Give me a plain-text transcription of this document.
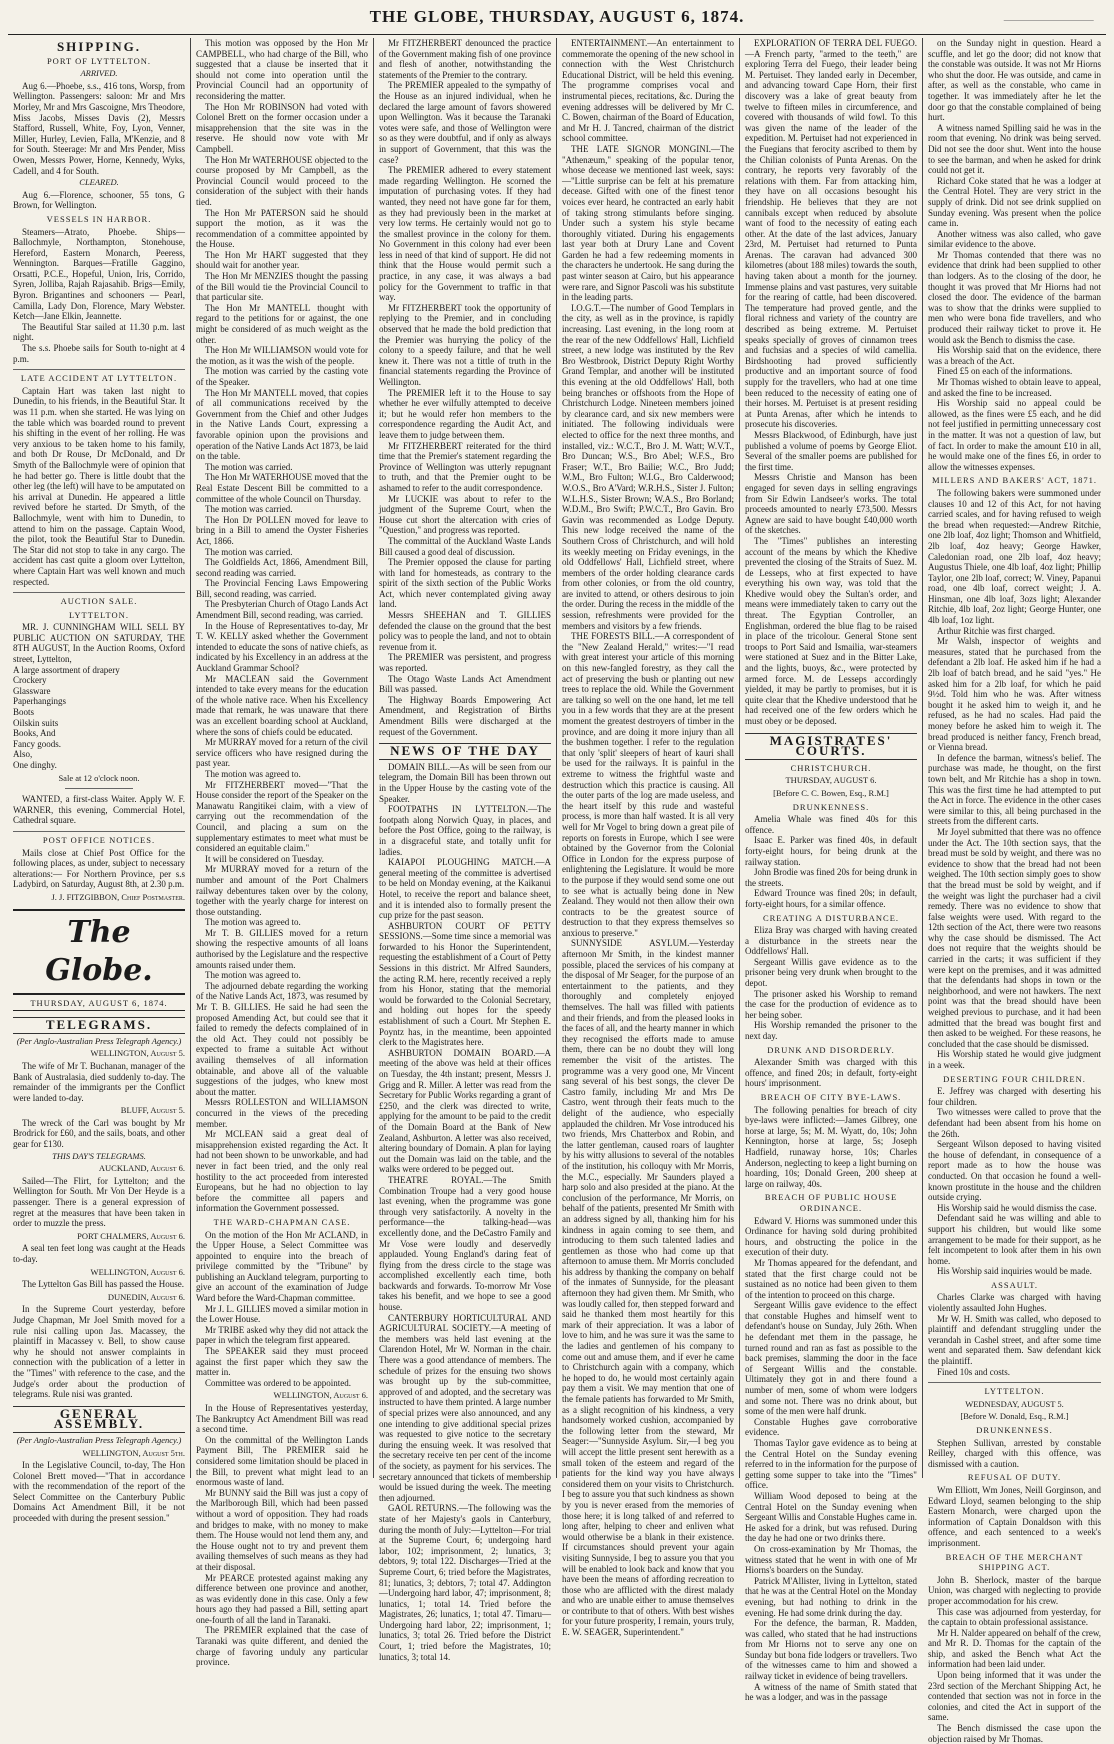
THE GLOBE, THURSDAY, AUGUST 6, 1874.
SHIPPING.
PORT OF LYTTELTON.
ARRIVED.

Aug 6.—Phoebe, s.s., 416 tons, Worsp, from Wellington. Passengers: saloon: Mr and Mrs Morley, Mr and Mrs Gascoigne, Mrs Theodore, Miss Jacobs, Misses Davis (2), Messrs Stafford, Russell, White, Foy, Lyon, Venner, Miller, Hurley, Levien, Falla, M'Kenzie, and 8 for South. Steerage: Mr and Mrs Pender, Miss Owen, Messrs Power, Horne, Kennedy, Wyks, Cadell, and 4 for South.

CLEARED.

Aug 6.—Florence, schooner, 55 tons, G Brown, for Wellington.

VESSELS IN HARBOR.

Steamers—Atrato, Phoebe. Ships—Ballochmyle, Northampton, Stonehouse, Hereford, Eastern Monarch, Peeress, Wennington. Barques—Fratille Gaggino, Orsatti, P.C.E., Hopeful, Union, Iris, Corrido, Syren, Jolliba, Rajah Rajasahib. Brigs—Emily, Byron. Brigantines and schooners — Pearl, Camilla, Lady Don, Florence, Mary Webster. Ketch—Jane Elkin, Jeannette.

The Beautiful Star sailed at 11.30 p.m. last night.

The s.s. Phoebe sails for South to-night at 4 p.m.

LATE ACCIDENT AT LYTTELTON.

Captain Hart was taken last night to Dunedin, to his friends, in the Beautiful Star. It was 11 p.m. when she started. He was lying on the table which was boarded round to prevent his shifting in the event of her rolling. He was very anxious to be taken home to his family, and both Dr Rouse, Dr McDonald, and Dr Smyth of the Ballochmyle were of opinion that he had better go. There is little doubt that the other leg (the left) will have to be amputated on his arrival at Dunedin. He appeared a little revived before he started. Dr Smyth, of the Ballochmyle, went with him to Dunedin, to attend to him on the passage. Captain Wood, the pilot, took the Beautiful Star to Dunedin. The Star did not stop to take in any cargo. The accident has cast quite a gloom over Lyttelton, where Captain Hart was well known and much respected.

AUCTION SALE.
LYTTELTON.

MR. J. CUNNINGHAM WILL SELL BY PUBLIC AUCTION ON SATURDAY, THE 8TH AUGUST, In the Auction Rooms, Oxford street, Lyttelton,

A large assortment of drapery
Crockery
Glassware
Paperhangings
Boots
Oilskin suits
Books, And
Fancy goods.
Also,
One dinghy.
Sale at 12 o'clock noon.

WANTED, a first-class Waiter. Apply W. F. WARNER, this evening, Commercial Hotel, Cathedral square.

POST OFFICE NOTICES.

Mails close at Chief Post Office for the following places, as under, subject to necessary alterations:— For Northern Province, per s.s Ladybird, on Saturday, August 8th, at 2.30 p.m.

J. J. FITZGIBBON, Chief Postmaster.
The Globe.
THURSDAY, AUGUST 6, 1874.
TELEGRAMS.
(Per Anglo-Australian Press Telegraph Agency.)
WELLINGTON, August 5.

The wife of Mr T. Buchanan, manager of the Bank of Australasia, died suddenly to-day. The remainder of the immigrants per the Conflict were landed to-day.

BLUFF, August 5.

The wreck of the Carl was bought by Mr Brodrick for £60, and the sails, boats, and other gear for £130.

THIS DAY'S TELEGRAMS.
AUCKLAND, August 6.

Sailed—The Flirt, for Lyttelton; and the Wellington for South. Mr Von Der Heyde is a passenger. There is a general expression of regret at the measures that have been taken in order to muzzle the press.

PORT CHALMERS, August 6.

A seal ten feet long was caught at the Heads to-day.

WELLINGTON, August 6.

The Lyttelton Gas Bill has passed the House.

DUNEDIN, August 6.

In the Supreme Court yesterday, before Judge Chapman, Mr Joel Smith moved for a rule nisi calling upon Jas. Macassey, the plaintiff in Macassey v. Bell, to show cause why he should not answer complaints in connection with the publication of a letter in the "Times" with reference to the case, and the Judge's order about the production of telegrams. Rule nisi was granted.

GENERAL ASSEMBLY.
(Per Anglo-Australian Press Telegraph Agency.)
WELLINGTON, August 5th.

In the Legislative Council, to-day, The Hon Colonel Brett moved—"That in accordance with the recommendation of the report of the Select Committee on the Canterbury Public Domains Act Amendment Bill, it be not proceeded with during the present session."

This motion was opposed by the Hon Mr CAMPBELL, who had charge of the Bill, who suggested that a clause be inserted that it should not come into operation until the Provincial Council had an opportunity of reconsidering the matter.

The Hon Mr ROBINSON had voted with Colonel Brett on the former occasion under a misapprehension that the site was in the reserve. He should now vote with Mr Campbell.

The Hon Mr WATERHOUSE objected to the course proposed by Mr Campbell, as the Provincial Council would proceed to the consideration of the subject with their hands tied.

The Hon Mr PATERSON said he should support the motion, as it was the recommendation of a committee appointed by the House.

The Hon Mr HART suggested that they should wait for another year.

The Hon Mr MENZIES thought the passing of the Bill would tie the Provincial Council to that particular site.

The Hon Mr MANTELL thought with regard to the petitions for or against, the one might be considered of as much weight as the other.

The Hon Mr WILLIAMSON would vote for the motion, as it was the wish of the people.

The motion was carried by the casting vote of the Speaker.

The Hon Mr MANTELL moved, that copies of all communications received by the Government from the Chief and other Judges in the Native Lands Court, expressing a favorable opinion upon the provisions and operation of the Native Lands Act 1873, be laid on the table.

The motion was carried.

The Hon Mr WATERHOUSE moved that the Real Estate Descent Bill be committed to a committee of the whole Council on Thursday.

The motion was carried.

The Hon Dr POLLEN moved for leave to bring in a Bill to amend the Oyster Fisheries Act, 1866.

The motion was carried.

The Goldfields Act, 1866, Amendment Bill, second reading was carried.

The Provincial Fencing Laws Empowering Bill, second reading, was carried.

The Presbyterian Church of Otago Lands Act Amendment Bill, second reading, was carried.

In the House of Representatives to-day, Mr T. W. KELLY asked whether the Government intended to educate the sons of native chiefs, as indicated by his Excellency in an address at the Auckland Grammar School?

Mr MACLEAN said the Government intended to take every means for the education of the whole native race. When his Excellency made that remark, he was unaware that there was an excellent boarding school at Auckland, where the sons of chiefs could be educated.

Mr MURRAY moved for a return of the civil service officers who have resigned during the past year.

The motion was agreed to.

Mr FITZHERBERT moved—"That the House consider the report of the Speaker on the Manawatu Rangitikei claim, with a view of carrying out the recommendation of the Council, and placing a sum on the supplementary estimates to meet what must be considered an equitable claim."

It will be considered on Tuesday.

Mr MURRAY moved for a return of the number and amount of the Port Chalmers railway debentures taken over by the colony, together with the yearly charge for interest on those outstanding.

The motion was agreed to.

Mr T. B. GILLIES moved for a return showing the respective amounts of all loans authorised by the Legislature and the respective amounts raised under them.

The motion was agreed to.

The adjourned debate regarding the working of the Native Lands Act, 1873, was resumed by Mr T. B. GILLIES. He said he had seen the proposed Amending Act, but could see that it failed to remedy the defects complained of in the old Act. They could not possibly be expected to frame a suitable Act without availing themselves of all information obtainable, and above all of the valuable suggestions of the judges, who knew most about the matter.

Messrs ROLLESTON and WILLIAMSON concurred in the views of the preceding member.

Mr MCLEAN said a great deal of misapprehension existed regarding the Act. It had not been shown to be unworkable, and had never in fact been tried, and the only real hostility to the act proceeded from interested Europeans, but he had no objection to lay before the committee all papers and information the Government possessed.

THE WARD-CHAPMAN CASE.

On the motion of the Hon Mr ACLAND, in the Upper House, a Select Committee was appointed to enquire into the breach of privilege committed by the "Tribune" by publishing an Auckland telegram, purporting to give an account of the examination of Judge Ward before the Ward-Chapman committee.

Mr J. L. GILLIES moved a similar motion in the Lower House.

Mr TRIBE asked why they did not attack the paper in which the telegram first appeared.

The SPEAKER said they must proceed against the first paper which they saw the matter in.

Committee was ordered to be appointed.

WELLINGTON, August 6.

In the House of Representatives yesterday, The Bankruptcy Act Amendment Bill was read a second time.

On the committal of the Wellington Lands Payment Bill, The PREMIER said he considered some limitation should be placed in the Bill, to prevent what might lead to an enormous waste of land.

Mr BUNNY said the Bill was just a copy of the Marlborough Bill, which had been passed without a word of opposition. They had roads and bridges to make, with no money to make them. The House would not lend them any, and the House ought not to try and prevent them availing themselves of such means as they had at their disposal.

Mr PEARCE protested against making any difference between one province and another, as was evidently done in this case. Only a few hours ago they had passed a Bill, setting apart one-fourth of all the land in Taranaki.

The PREMIER explained that the case of Taranaki was quite different, and denied the charge of favoring unduly any particular province.

Mr FITZHERBERT denounced the practice of the Government making fish of one province and flesh of another, notwithstanding the statements of the Premier to the contrary.

The PREMIER appealed to the sympathy of the House as an injured individual, when he declared the large amount of favors showered upon Wellington. Was it because the Taranaki votes were safe, and those of Wellington were so as they were doubtful, and if only as always in support of Government, that this was the case?

The PREMIER adhered to every statement made regarding Wellington. He scorned the imputation of purchasing votes. If they had wanted, they need not have gone far for them, as they had previously been in the market at very low terms. He certainly would not go to the smallest province in the colony for them. No Government in this colony had ever been less in need of that kind of support. He did not think that the House would permit such a practice, in any case, it was always a bad policy for the Government to traffic in that way.

Mr FITZHERBERT took the opportunity of replying to the Premier, and in concluding observed that he made the bold prediction that the Premier was hurrying the policy of the colony to a speedy failure, and that he well knew it. There was not a tittle of truth in the financial statements regarding the Province of Wellington.

The PREMIER left it to the House to say whether he ever wilfully attempted to deceive it; but he would refer hon members to the correspondence regarding the Audit Act, and leave them to judge between them.

Mr FITZHERBERT reiterated for the third time that the Premier's statement regarding the Province of Wellington was utterly repugnant to truth, and that the Premier ought to be ashamed to refer to the audit correspondence.

Mr LUCKIE was about to refer to the judgment of the Supreme Court, when the House cut short the altercation with cries of "Question," and progress was reported.

The committal of the Auckland Waste Lands Bill caused a good deal of discussion.

The Premier opposed the clause for parting with land for homesteads, as contrary to the spirit of the sixth section of the Public Works Act, which never contemplated giving away land.

Messrs SHEEHAN and T. GILLIES defended the clause on the ground that the best policy was to people the land, and not to obtain revenue from it.

The PREMIER was persistent, and progress was reported.

The Otago Waste Lands Act Amendment Bill was passed.

The Highway Boards Empowering Act Amendment, and Registration of Births Amendment Bills were discharged at the request of the Government.

NEWS OF THE DAY

DOMAIN BILL.—As will be seen from our telegram, the Domain Bill has been thrown out in the Upper House by the casting vote of the Speaker.

FOOTPATHS IN LYTTELTON.—The footpath along Norwich Quay, in places, and before the Post Office, going to the railway, is in a disgraceful state, and totally unfit for ladies.

KAIAPOI PLOUGHING MATCH.—A general meeting of the committee is advertised to be held on Monday evening, at the Kaikanui Hotel, to receive the report and balance sheet, and it is intended also to formally present the cup prize for the past season.

ASHBURTON COURT OF PETTY SESSIONS.—Some time since a memorial was forwarded to his Honor the Superintendent, requesting the establishment of a Court of Petty Sessions in this district. Mr Alfred Saunders, the acting R.M. here, recently received a reply from his Honor, stating that the memorial would be forwarded to the Colonial Secretary, and holding out hopes for the speedy establishment of such a Court. Mr Stephen E. Poyntz has, in the meantime, been appointed clerk to the Magistrates here.

ASHBURTON DOMAIN BOARD.—A meeting of the above was held at their offices on Tuesday, the 4th instant; present, Messrs J. Grigg and R. Miller. A letter was read from the Secretary for Public Works regarding a grant of £250, and the clerk was directed to write, applying for the amount to be paid to the credit of the Domain Board at the Bank of New Zealand, Ashburton. A letter was also received, altering boundary of Domain. A plan for laying out the Domain was laid on the table, and the walks were ordered to be pegged out.

THEATRE ROYAL.—The Smith Combination Troupe had a very good house last evening, when the programme was gone through very satisfactorily. A novelty in the performance—the talking-head—was excellently done, and the DeCastro Family and Mr Vose were loudly and deservedly applauded. Young England's daring feat of flying from the dress circle to the stage was accomplished excellently each time, both backwards and forwards. To-morrow Mr Vose takes his benefit, and we hope to see a good house.

CANTERBURY HORTICULTURAL AND AGRICULTURAL SOCIETY.—A meeting of the members was held last evening at the Clarendon Hotel, Mr W. Norman in the chair. There was a good attendance of members. The schedule of prizes for the ensuing two shows was brought up by the sub-committee, approved of and adopted, and the secretary was instructed to have them printed. A large number of special prizes were also announced, and any one intending to give additional special prizes was requested to give notice to the secretary during the ensuing week. It was resolved that the secretary receive ten per cent of the income of the society, as payment for his services. The secretary announced that tickets of membership would be issued during the week. The meeting then adjourned.

GAOL RETURNS.—The following was the state of her Majesty's gaols in Canterbury, during the month of July:—Lyttelton—For trial at the Supreme Court, 6; undergoing hard labor, 102; imprisonment, 2; lunatics, 3; debtors, 9; total 122. Discharges—Tried at the Supreme Court, 6; tried before the Magistrates, 81; lunatics, 3; debtors, 7; total 47. Addington—Undergoing hard labor, 47; imprisonment, 8; lunatics, 1; total 14. Tried before the Magistrates, 26; lunatics, 1; total 47. Timaru—Undergoing hard labor, 22; imprisonment, 1; lunatics, 3; total 26. Tried before the District Court, 1; tried before the Magistrates, 10; lunatics, 3; total 14.

ENTERTAINMENT.—An entertainment to commemorate the opening of the new school in connection with the West Christchurch Educational District, will be held this evening. The programme comprises vocal and instrumental pieces, recitations, &c. During the evening addresses will be delivered by Mr C. C. Bowen, chairman of the Board of Education, and Mr H. J. Tancred, chairman of the district school committee.

THE LATE SIGNOR MONGINI.—The "Athenæum," speaking of the popular tenor, whose decease we mentioned last week, says:—"Little surprise can be felt at his premature decease. Gifted with one of the finest tenor voices ever heard, he contracted an early habit of taking strong stimulants before singing. Under such a system his style became thoroughly vitiated. During his engagements last year both at Drury Lane and Covent Garden he had a few redeeming moments in the characters he undertook. He sang during the past winter season at Cairo, but his appearance were rare, and Signor Pascoli was his substitute in the leading parts.

I.O.G.T.—The number of Good Templars in the city, as well as in the province, is rapidly increasing. Last evening, in the long room at the rear of the new Oddfellows' Hall, Lichfield street, a new lodge was instituted by the Rev Bro Westbrook, District Deputy Right Worthy Grand Templar, and another will be instituted this evening at the old Oddfellows' Hall, both being branches or offshoots from the Hope of Christchurch Lodge. Nineteen members joined by clearance card, and six new members were initiated. The following individuals were elected to office for the next three months, and installed, viz.: W.C.T., Bro J. M. Watt; W.V.T., Bro Duncan; W.S., Bro Abel; W.F.S., Bro Fraser; W.T., Bro Bailie; W.C., Bro Judd; W.M., Bro Fulton; W.I.G., Bro Calderwood; W.O.S., Bro A'Vard; W.R.H.S., Sister J. Fulton; W.L.H.S., Sister Brown; W.A.S., Bro Borland; W.D.M., Bro Swift; P.W.C.T., Bro Gavin. Bro Gavin was recommended as Lodge Deputy. This new lodge received the name of the Southern Cross of Christchurch, and will hold its weekly meeting on Friday evenings, in the old Oddfellows' Hall, Lichfield street, where members of the order holding clearance cards from other colonies, or from the old country, are invited to attend, or others desirous to join the order. During the recess in the middle of the session, refreshments were provided for the members and visitors by a few friends.

THE FORESTS BILL.—A correspondent of the "New Zealand Herald," writes:—"I read with great interest your article of this morning on this new-fangled forestry, as they call the act of preserving the bush or planting out new trees to replace the old. While the Government are talking so well on the one hand, let me tell you in a few words that they are at the present moment the greatest destroyers of timber in the province, and are doing it more injury than all the bushmen together. I refer to the regulation that only 'split' sleepers of heart of kauri shall be used for the railways. It is painful in the extreme to witness the frightful waste and destruction which this practice is causing. All the outer parts of the log are made useless, and the heart itself by this rude and wasteful process, is more than half wasted. It is all very well for Mr Vogel to bring down a great pile of reports on forests in Europe, which I see were obtained by the Governor from the Colonial Office in London for the express purpose of enlightening the Legislature. It would be more to the purpose if they would send some one out to see what is actually being done in New Zealand. They would not then allow their own contracts to be the greatest source of destruction to that they express themselves so anxious to preserve."

SUNNYSIDE ASYLUM.—Yesterday afternoon Mr Smith, in the kindest manner possible, placed the services of his company at the disposal of Mr Seager, for the purpose of an entertainment to the patients, and they thoroughly and completely enjoyed themselves. The hall was filled with patients and their friends, and from the pleased looks in the faces of all, and the hearty manner in which they recognised the efforts made to amuse them, there can be no doubt they will long remember the visit of the artistes. The programme was a very good one, Mr Vincent sang several of his best songs, the clever De Castro family, including Mr and Mrs De Castro, went through their feats much to the delight of the audience, who especially applauded the children. Mr Vose introduced his two friends, Mrs Chatterbox and Robin, and the latter gentleman, caused roars of laughter by his witty allusions to several of the notables of the institution, his colloquy with Mr Morris, the M.C., especially. Mr Saunders played a harp solo and also presided at the piano. At the conclusion of the performance, Mr Morris, on behalf of the patients, presented Mr Smith with an address signed by all, thanking him for his kindness in again coming to see them, and introducing to them such talented ladies and gentlemen as those who had come up that afternoon to amuse them. Mr Morris concluded his address by thanking the company on behalf of the inmates of Sunnyside, for the pleasant afternoon they had given them. Mr Smith, who was loudly called for, then stepped forward and said he thanked them most heartily for this mark of their appreciation. It was a labor of love to him, and he was sure it was the same to the ladies and gentlemen of his company to come out and amuse them, and if ever he came to Christchurch again with a company, which he hoped to do, he would most certainly again pay them a visit. We may mention that one of the female patients has forwarded to Mr Smith, as a slight recognition of his kindness, a very handsomely worked cushion, accompanied by the following letter from the steward, Mr Seager:—"Sunnyside Asylum. Sir,—I beg you will accept the little present sent herewith as a small token of the esteem and regard of the patients for the kind way you have always considered them on your visits to Christchurch. I beg to assure you that such kindness as shown by you is never erased from the memories of those here; it is long talked of and referred to long after, helping to cheer and enliven what would otherwise be a blank in their existence. If circumstances should prevent your again visiting Sunnyside, I beg to assure you that you will be enabled to look back and know that you have been the means of affording recreation to those who are afflicted with the direst malady and who are unable either to amuse themselves or contribute to that of others. With best wishes for your future prosperity, I remain, yours truly, E. W. SEAGER, Superintendent."

EXPLORATION OF TERRA DEL FUEGO.—A French party, "armed to the teeth," are exploring Terra del Fuego, their leader being M. Pertuiset. They landed early in December, and advancing toward Cape Horn, their first discovery was a lake of great beauty from twelve to fifteen miles in circumference, and covered with thousands of wild fowl. To this was given the name of the leader of the expedition. M. Pertuiset had not experienced in the Fuegians that ferocity ascribed to them by the Chilian colonists of Punta Arenas. On the contrary, he reports very favorably of the relations with them. Far from attacking him, they have on all occasions besought his friendship. He believes that they are not cannibals except when reduced by absolute want of food to the necessity of eating each other. At the date of the last advices, January 23rd, M. Pertuiset had returned to Punta Arenas. The caravan had advanced 300 kilometres (about 188 miles) towards the south, having taken about a month for the journey. Immense plains and vast pastures, very suitable for the rearing of cattle, had been discovered. The temperature had proved gentle, and the floral richness and variety of the country are described as being extreme. M. Pertuiset speaks specially of groves of cinnamon trees and fuchsias and a species of wild camellia. Birdshooting had proved sufficiently productive and an important source of food supply for the travellers, who had at one time been reduced to the necessity of eating one of their horses. M. Pertuiset is at present residing at Punta Arenas, after which he intends to prosecute his discoveries.

Messrs Blackwood, of Edinburgh, have just published a volume of poems by George Eliot. Several of the smaller poems are published for the first time.

Messrs Christie and Manson has been engaged for seven days in selling engravings from Sir Edwin Landseer's works. The total proceeds amounted to nearly £73,500. Messrs Agnew are said to have bought £40,000 worth of the sketches.

The "Times" publishes an interesting account of the means by which the Khedive prevented the closing of the Straits of Suez. M. de Lesseps, who at first expected to have everything his own way, was told that the Khedive would obey the Sultan's order, and means were immediately taken to carry out the threat. The Egyptian Controller, an Englishman, ordered the blue flag to be raised in place of the tricolour. General Stone sent troops to Port Said and Ismailia, war-steamers were stationed at Suez and in the Bitter Lake, and the lights, buoys, &c., were protected by armed force. M. de Lesseps accordingly yielded, it may be partly to promises, but it is quite clear that the Khedive understood that he had received one of the few orders which he must obey or be deposed.

MAGISTRATES' COURTS.
CHRISTCHURCH.
THURSDAY, AUGUST 6.
[Before C. C. Bowen, Esq., R.M.]
DRUNKENNESS.

Amelia Whale was fined 40s for this offence.

Isaac E. Parker was fined 40s, in default forty-eight hours, for being drunk at the railway station.

John Brodie was fined 20s for being drunk in the streets.

Edward Trounce was fined 20s; in default, forty-eight hours, for a similar offence.

CREATING A DISTURBANCE.

Eliza Bray was charged with having created a disturbance in the streets near the Oddfellows' Hall.

Sergeant Willis gave evidence as to the prisoner being very drunk when brought to the depot.

The prisoner asked his Worship to remand the case for the production of evidence as to her being sober.

His Worship remanded the prisoner to the next day.

DRUNK AND DISORDERLY.

Alexander Smith was charged with this offence, and fined 20s; in default, forty-eight hours' imprisonment.

BREACH OF CITY BYE-LAWS.

The following penalties for breach of city bye-laws were inflicted:—James Gilbrey, one horse at large, 5s; M. M. Wyatt, do, 10s; John Kennington, horse at large, 5s; Joseph Hadfield, runaway horse, 10s; Charles Anderson, neglecting to keep a light burning on hoarding, 10s; Donald Green, 200 sheep at large on railway, 40s.

BREACH OF PUBLIC HOUSE ORDINANCE.

Edward V. Hiorns was summoned under this Ordinance for having sold during prohibited hours, and obstructing the police in the execution of their duty.

Mr Thomas appeared for the defendant, and stated that the first charge could not be sustained as no notice had been given to them of the intention to proceed on this charge.

Sergeant Willis gave evidence to the effect that constable Hughes and himself went to defendant's house on Sunday, July 26th. When he defendant met them in the passage, he turned round and ran as fast as possible to the back premises, slamming the door in the face of Sergeant Willis and the constable. Ultimately they got in and there found a number of men, some of whom were lodgers and some not. There was no drink about, but some of the men were half drunk.

Constable Hughes gave corroborative evidence.

Thomas Taylor gave evidence as to being at the Central Hotel on the Sunday evening referred to in the information for the purpose of getting some supper to take into the "Times" office.

William Wood deposed to being at the Central Hotel on the Sunday evening when Sergeant Willis and Constable Hughes came in. He asked for a drink, but was refused. During the day he had one or two drinks there.

On cross-examination by Mr Thomas, the witness stated that he went in with one of Mr Hiorns's boarders on the Sunday.

Patrick M'Allister, living in Lyttelton, stated that he was at the Central Hotel on the Monday evening, but had nothing to drink in the evening. He had some drink during the day.

For the defence, the barman, R. Madden, was called, who stated that he had instructions from Mr Hiorns not to serve any one on Sunday but bona fide lodgers or travellers. Two of the witnesses came to him and showed a railway ticket in evidence of being travellers.

A witness of the name of Smith stated that he was a lodger, and was in the passage

on the Sunday night in question. Heard a scuffle, and let go the door; did not know that the constable was outside. It was not Mr Hiorns who shut the door. He was outside, and came in after, as well as the constable, who came in together. It was immediately after he let the door go that the constable complained of being hurt.

A witness named Spilling said he was in the room that evening. No drink was being served. Did not see the door shut. Went into the house to see the barman, and when he asked for drink could not get it.

Richard Coke stated that he was a lodger at the Central Hotel. They are very strict in the supply of drink. Did not see drink supplied on Sunday evening. Was present when the police came in.

Another witness was also called, who gave similar evidence to the above.

Mr Thomas contended that there was no evidence that drink had been supplied to other than lodgers. As to the closing of the door, he thought it was proved that Mr Hiorns had not closed the door. The evidence of the barman was to show that the drinks were supplied to men who were bona fide travellers, and who produced their railway ticket to prove it. He would ask the Bench to dismiss the case.

His Worship said that on the evidence, there was a breach of the Act.

Fined £5 on each of the informations.

Mr Thomas wished to obtain leave to appeal, and asked the fine to be increased.

His Worship said no appeal could be allowed, as the fines were £5 each, and he did not feel justified in permitting unnecessary cost in the matter. It was not a question of law, but of fact. In order to make the amount £10 in all, he would make one of the fines £6, in order to allow the witnesses expenses.

MILLERS AND BAKERS' ACT, 1871.

The following bakers were summoned under clauses 10 and 12 of this Act, for not having carried scales, and for having refused to weigh the bread when requested:—Andrew Ritchie, one 2lb loaf, 4oz light; Thomson and Whitfield, 2lb loaf, 4oz heavy; George Hawker, Caledonian road, one 2lb loaf, 4oz heavy; Augustus Thiele, one 4lb loaf, 4oz light; Phillip Taylor, one 2lb loaf, correct; W. Viney, Papanui road, one 4lb loaf, correct weight; J. A. Hinsman, one 4lb loaf, 3ozs light; Alexander Ritchie, 4lb loaf, 2oz light; George Hunter, one 4lb loaf, 1oz light.

Arthur Ritchie was first charged.

Mr Walsh, inspector of weights and measures, stated that he purchased from the defendant a 2lb loaf. He asked him if he had a 2lb loaf of batch bread, and he said "yes." He asked him for a 2lb loaf, for which he paid 9½d. Told him who he was. After witness bought it he asked him to weigh it, and he refused, as he had no scales. Had paid the money before he asked him to weigh it. The bread produced is neither fancy, French bread, or Vienna bread.

In defence the barman, witness's belief. The purchase was made, he thought, on the first town belt, and Mr Ritchie has a shop in town. This was the first time he had attempted to put the Act in force. The evidence in the other cases were similar to this, all being purchased in the streets from the different carts.

Mr Joyel submitted that there was no offence under the Act. The 10th section says, that the bread must be sold by weight, and there was no evidence to show that the bread had not been weighed. The 10th section simply goes to show that the bread must be sold by weight, and if the weight was light the purchaser had a civil remedy. There was no evidence to show that false weights were used. With regard to the 12th section of the Act, there were two reasons why the case should be dismissed. The Act does not require that the weights should be carried in the carts; it was sufficient if they were kept on the premises, and it was admitted that the defendants had shops in town or the neighborhood, and were not hawkers. The next point was that the bread should have been weighed previous to purchase, and it had been admitted that the bread was bought first and then asked to be weighed. For these reasons, he concluded that the case should be dismissed.

His Worship stated he would give judgment in a week.

DESERTING FOUR CHILDREN.

E. Jeffrey was charged with deserting his four children.

Two witnesses were called to prove that the defendant had been absent from his home on the 26th.

Sergeant Wilson deposed to having visited the house of defendant, in consequence of a report made as to how the house was conducted. On that occasion he found a well-known prostitute in the house and the children outside crying.

His Worship said he would dismiss the case.

Defendant said he was willing and able to support his children, but would like some arrangement to be made for their support, as he felt incompetent to look after them in his own home.

His Worship said inquiries would be made.

ASSAULT.

Charles Clarke was charged with having violently assaulted John Hughes.

Mr W. H. Smith was called, who deposed to plaintiff and defendant struggling under the verandah in Cashel street, and after some time went and separated them. Saw defendant kick the plaintiff.

Fined 10s and costs.

LYTTELTON.
WEDNESDAY, AUGUST 5.
[Before W. Donald, Esq., R.M.]
DRUNKENNESS.

Stephen Sullivan, arrested by constable Reilley, charged with this offence, was dismissed with a caution.

REFUSAL OF DUTY.

Wm Elliott, Wm Jones, Neill Gorginson, and Edward Lloyd, seamen belonging to the ship Eastern Monarch, were charged upon the information of Captain Donaldson with this offence, and each sentenced to a week's imprisonment.

BREACH OF THE MERCHANT SHIPPING ACT.

John B. Sherlock, master of the barque Union, was charged with neglecting to provide proper accommodation for his crew.

This case was adjourned from yesterday, for the captain to obtain professional assistance.

Mr H. Nalder appeared on behalf of the crew, and Mr R. D. Thomas for the captain of the ship, and asked the Bench what Act the information had been laid under.

Upon being informed that it was under the 23rd section of the Merchant Shipping Act, he contended that section was not in force in the colonies, and cited the Act in support of the same.

The Bench dismissed the case upon the objection raised by Mr Thomas.
